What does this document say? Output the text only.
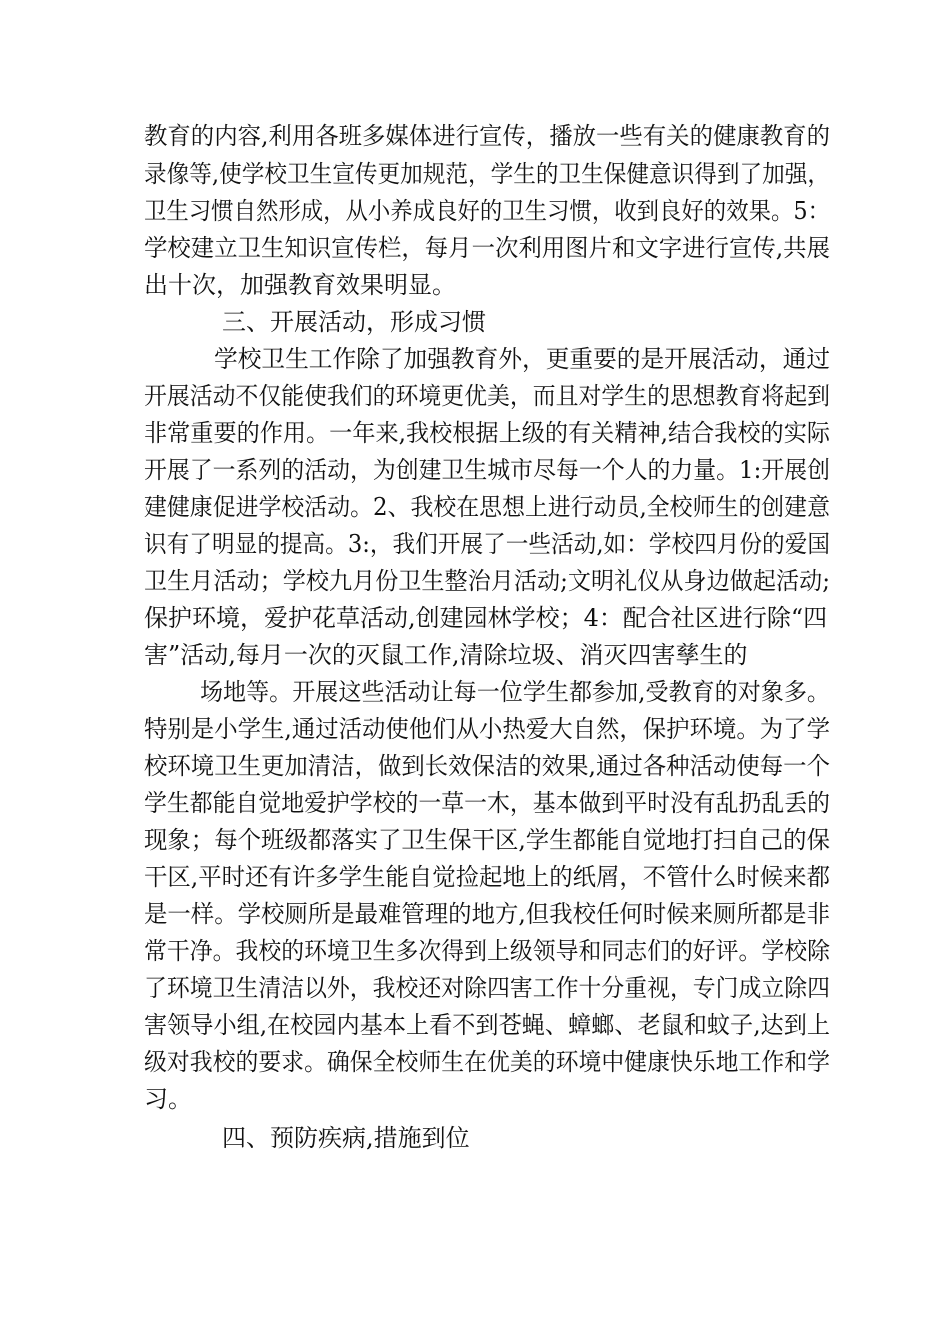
教育的内容,利用各班多媒体进行宣传，播放一些有关的健康教育的
录像等,使学校卫生宣传更加规范，学生的卫生保健意识得到了加强，
卫生习惯自然形成，从小养成良好的卫生习惯，收到良好的效果。5：
学校建立卫生知识宣传栏，每月一次利用图片和文字进行宣传,共展
出十次，加强教育效果明显。
三、开展活动，形成习惯
学校卫生工作除了加强教育外，更重要的是开展活动，通过
开展活动不仅能使我们的环境更优美，而且对学生的思想教育将起到
非常重要的作用。一年来,我校根据上级的有关精神,结合我校的实际
开展了一系列的活动，为创建卫生城市尽每一个人的力量。1:开展创
建健康促进学校活动。2、我校在思想上进行动员,全校师生的创建意
识有了明显的提高。3:，我们开展了一些活动,如：学校四月份的爱国
卫生月活动；学校九月份卫生整治月活动;文明礼仪从身边做起活动;
保护环境，爱护花草活动,创建园林学校；4：配合社区进行除“四
害”活动,每月一次的灭鼠工作,清除垃圾、消灭四害孳生的
场地等。开展这些活动让每一位学生都参加,受教育的对象多。
特别是小学生,通过活动使他们从小热爱大自然，保护环境。为了学
校环境卫生更加清洁，做到长效保洁的效果,通过各种活动使每一个
学生都能自觉地爱护学校的一草一木，基本做到平时没有乱扔乱丢的
现象；每个班级都落实了卫生保干区,学生都能自觉地打扫自己的保
干区,平时还有许多学生能自觉捡起地上的纸屑，不管什么时候来都
是一样。学校厕所是最难管理的地方,但我校任何时候来厕所都是非
常干净。我校的环境卫生多次得到上级领导和同志们的好评。学校除
了环境卫生清洁以外，我校还对除四害工作十分重视，专门成立除四
害领导小组,在校园内基本上看不到苍蝇、蟑螂、老鼠和蚊子,达到上
级对我校的要求。确保全校师生在优美的环境中健康快乐地工作和学
习。
四、预防疾病,措施到位
